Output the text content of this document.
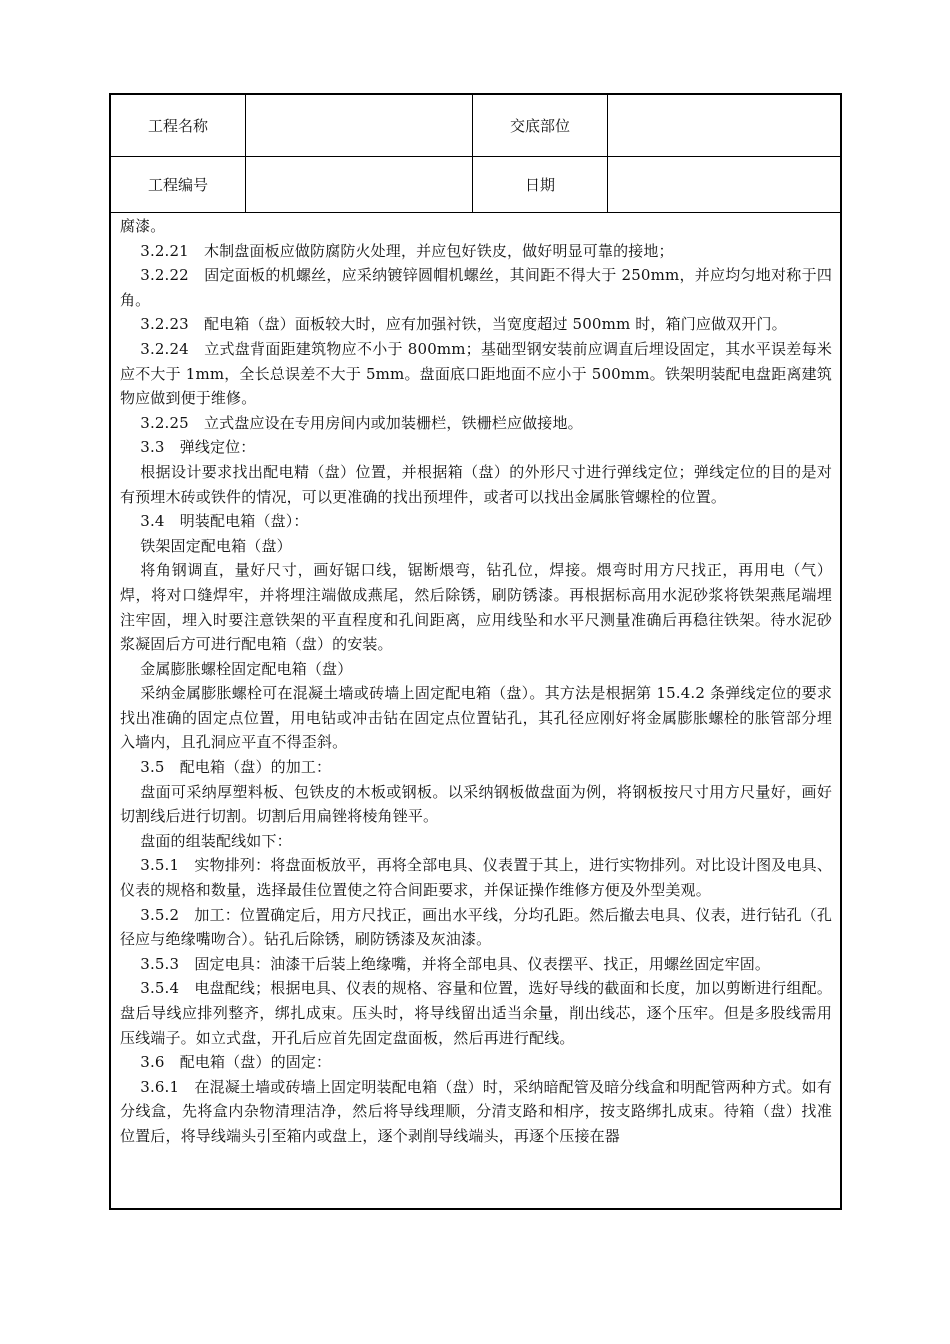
工程名称	交底部位
工程编号	日期

腐漆。

3.2.21　木制盘面板应做防腐防火处理，并应包好铁皮，做好明显可靠的接地；

3.2.22　固定面板的机螺丝，应采纳镀锌圆帽机螺丝，其间距不得大于 250mm，并应均匀地对称于四角。

3.2.23　配电箱（盘）面板较大时，应有加强衬铁，当宽度超过 500mm 时，箱门应做双开门。

3.2.24　立式盘背面距建筑物应不小于 800mm；基础型钢安装前应调直后埋设固定，其水平误差每米应不大于 1mm，全长总误差不大于 5mm。盘面底口距地面不应小于 500mm。铁架明装配电盘距离建筑物应做到便于维修。

3.2.25　立式盘应设在专用房间内或加装栅栏，铁栅栏应做接地。

3.3　弹线定位：

根据设计要求找出配电精（盘）位置，并根据箱（盘）的外形尺寸进行弹线定位；弹线定位的目的是对有预埋木砖或铁件的情况，可以更准确的找出预埋件，或者可以找出金属胀管螺栓的位置。

3.4　明装配电箱（盘）：

铁架固定配电箱（盘）

将角钢调直，量好尺寸，画好锯口线，锯断煨弯，钻孔位，焊接。煨弯时用方尺找正，再用电（气）焊，将对口缝焊牢，并将埋注端做成燕尾，然后除锈，刷防锈漆。再根据标高用水泥砂浆将铁架燕尾端埋注牢固，埋入时要注意铁架的平直程度和孔间距离，应用线坠和水平尺测量准确后再稳往铁架。待水泥砂浆凝固后方可进行配电箱（盘）的安装。

金属膨胀螺栓固定配电箱（盘）

采纳金属膨胀螺栓可在混凝土墙或砖墙上固定配电箱（盘）。其方法是根据第 15.4.2 条弹线定位的要求找出准确的固定点位置，用电钻或冲击钻在固定点位置钻孔，其孔径应刚好将金属膨胀螺栓的胀管部分埋入墙内，且孔洞应平直不得歪斜。

3.5　配电箱（盘）的加工：

盘面可采纳厚塑料板、包铁皮的木板或钢板。以采纳钢板做盘面为例，将钢板按尺寸用方尺量好，画好切割线后进行切割。切割后用扁锉将棱角锉平。

盘面的组装配线如下：

3.5.1　实物排列：将盘面板放平，再将全部电具、仪表置于其上，进行实物排列。对比设计图及电具、仪表的规格和数量，选择最佳位置使之符合间距要求，并保证操作维修方便及外型美观。

3.5.2　加工：位置确定后，用方尺找正，画出水平线，分均孔距。然后撤去电具、仪表，进行钻孔（孔径应与绝缘嘴吻合）。钻孔后除锈，刷防锈漆及灰油漆。

3.5.3　固定电具：油漆干后装上绝缘嘴，并将全部电具、仪表摆平、找正，用螺丝固定牢固。

3.5.4　电盘配线；根据电具、仪表的规格、容量和位置，选好导线的截面和长度，加以剪断进行组配。盘后导线应排列整齐，绑扎成束。压头时，将导线留出适当余量，削出线芯，逐个压牢。但是多股线需用压线端子。如立式盘，开孔后应首先固定盘面板，然后再进行配线。

3.6　配电箱（盘）的固定：

3.6.1　在混凝土墙或砖墙上固定明装配电箱（盘）时，采纳暗配管及暗分线盒和明配管两种方式。如有分线盒，先将盒内杂物清理洁净，然后将导线理顺，分清支路和相序，按支路绑扎成束。待箱（盘）找准位置后，将导线端头引至箱内或盘上，逐个剥削导线端头，再逐个压接在器
